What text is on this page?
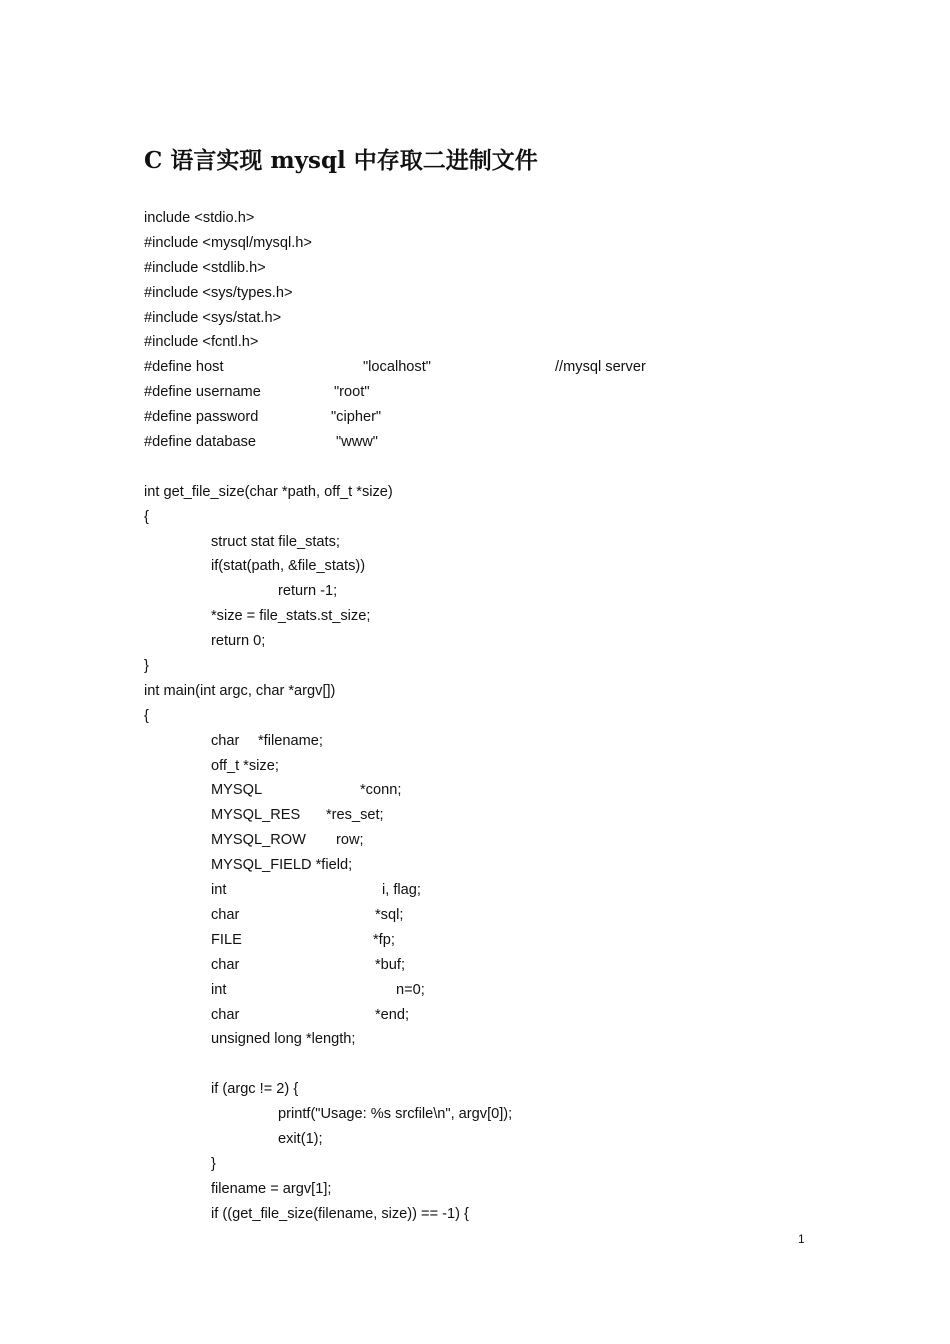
C 语言实现 mysql 中存取二进制文件
include <stdio.h>
#include <mysql/mysql.h>
#include <stdlib.h>
#include <sys/types.h>
#include <sys/stat.h>
#include <fcntl.h>
#define host	"localhost"	//mysql server
#define username	"root"
#define password	"cipher"
#define database	"www"
int get_file_size(char *path, off_t *size)
{
struct stat file_stats;
if(stat(path, &file_stats))
return -1;
*size = file_stats.st_size;
return 0;
}
int main(int argc, char *argv[])
{
char *filename;
off_t *size;
MYSQL	*conn;
MYSQL_RES *res_set;
MYSQL_ROW row;
MYSQL_FIELD *field;
int	i, flag;
char	*sql;
FILE	*fp;
char	*buf;
int	n=0;
char	*end;
unsigned long *length;
if (argc != 2) {
printf("Usage: %s srcfile\n", argv[0]);
exit(1);
}
filename = argv[1];
if ((get_file_size(filename, size)) == -1) {
1
